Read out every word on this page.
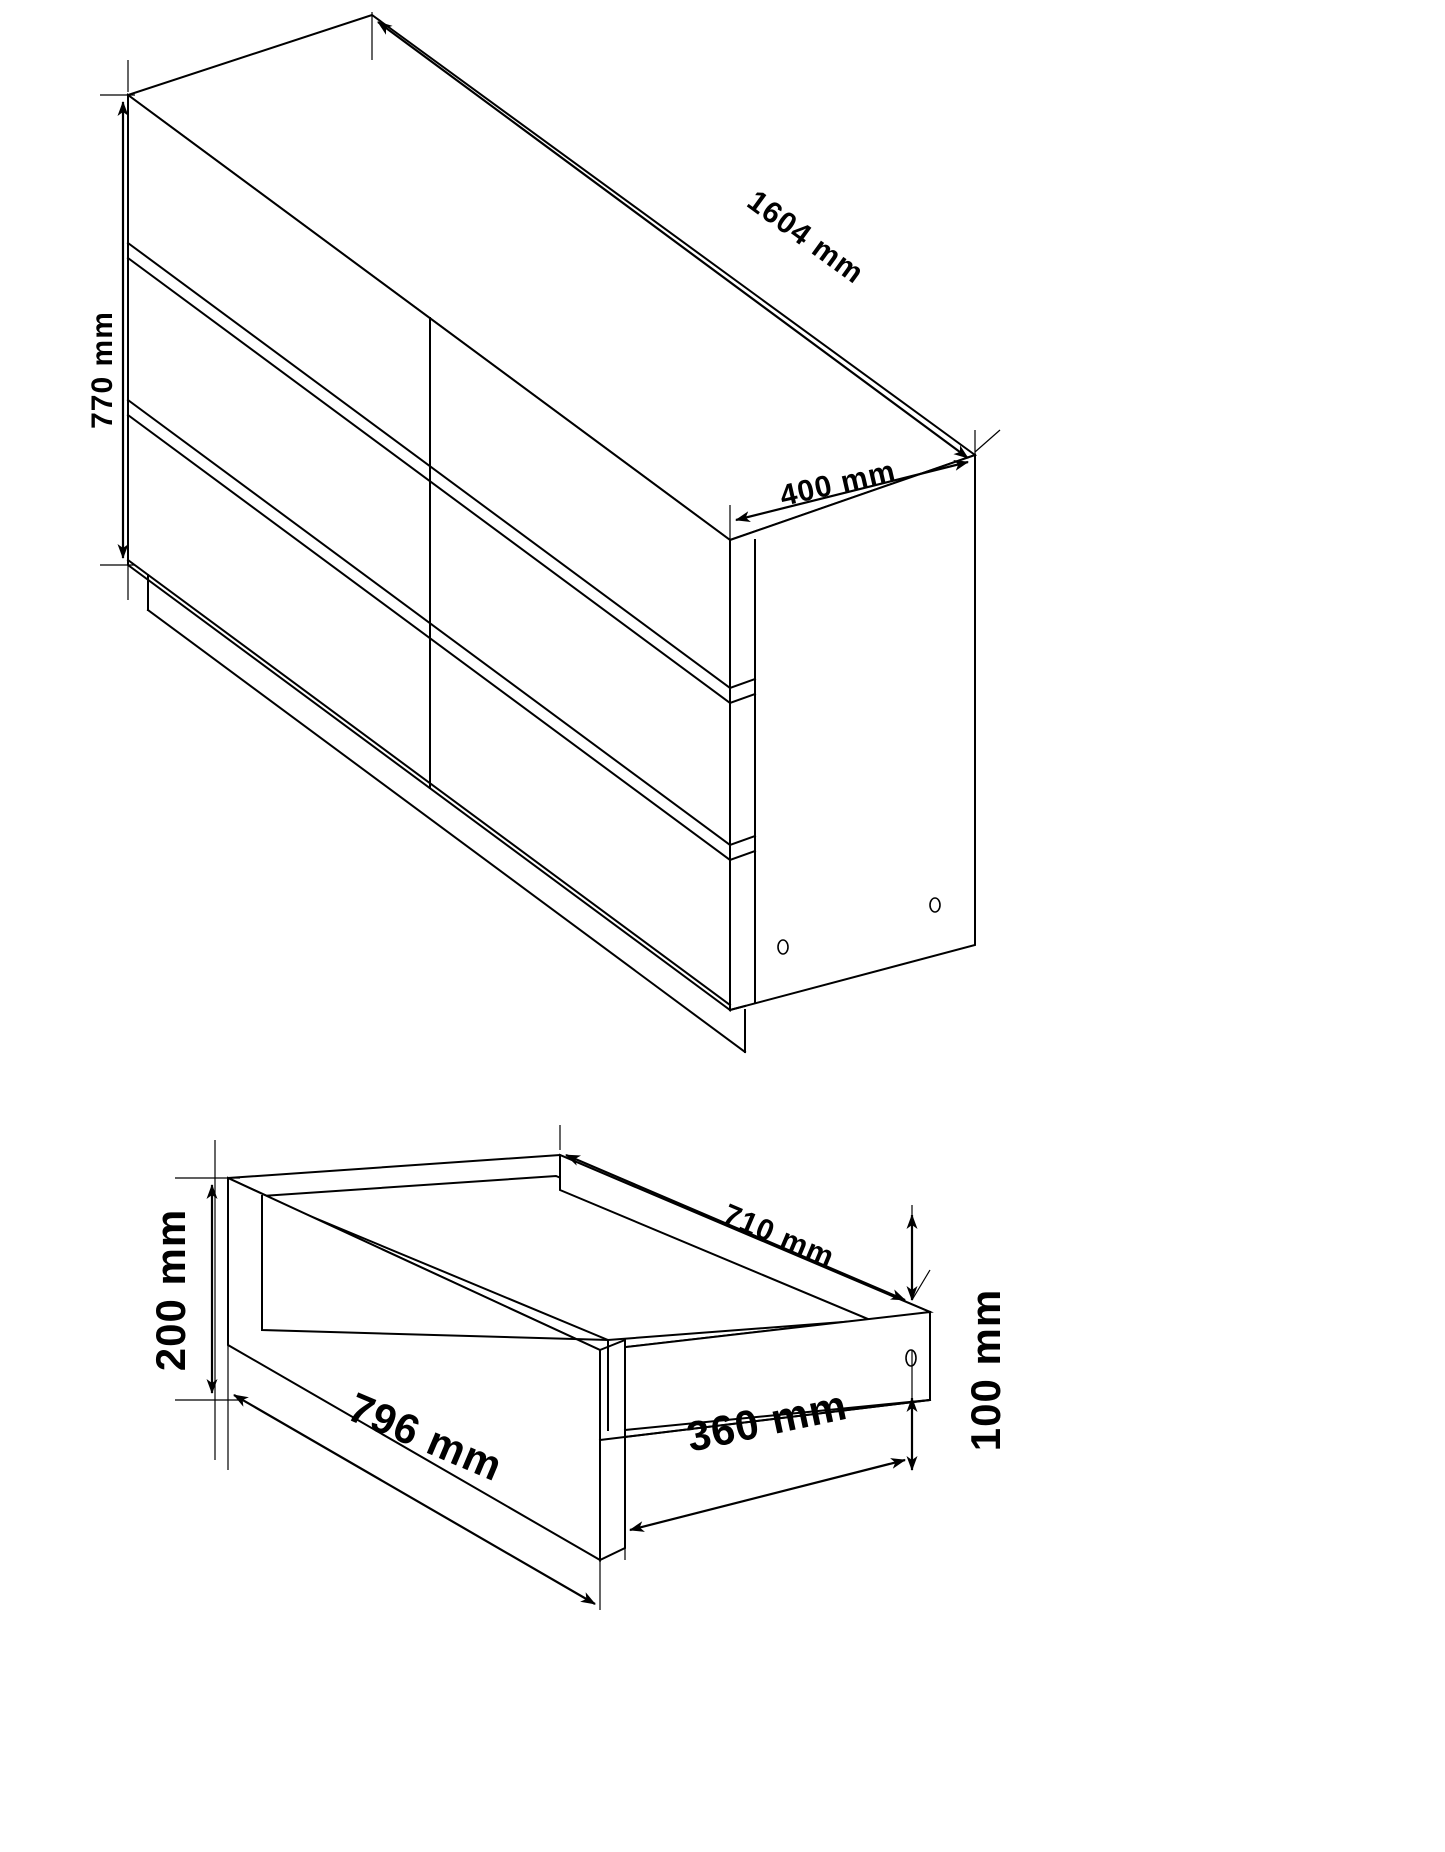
770 mm
1604 mm
400 mm
200 mm
796 mm
710 mm
360 mm	100 mm
